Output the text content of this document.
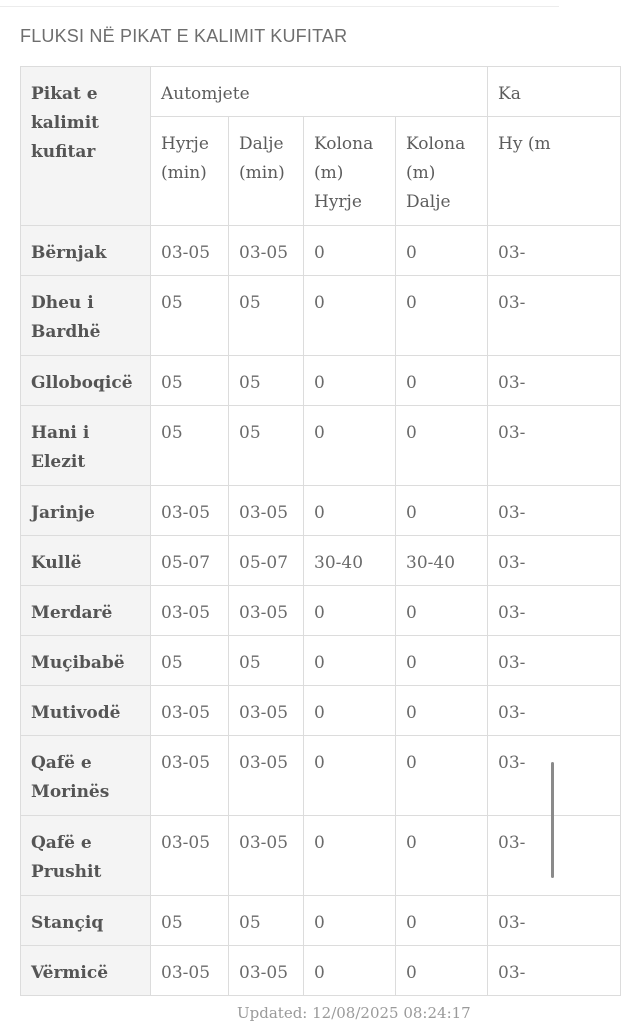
FLUKSI NË PIKAT E KALIMIT KUFITAR
Pikat e kalimit kufitar	Automjete				Ka
	Hyrje (min)	Dalje (min)	Kolona (m) Hyrje	Kolona (m) Dalje	Hy (m
Bërnjak	03-05	03-05	0	0	03-
Dheu i Bardhë	05	05	0	0	03-
Glloboqicë	05	05	0	0	03-
Hani i Elezit	05	05	0	0	03-
Jarinje	03-05	03-05	0	0	03-
Kullë	05-07	05-07	30-40	30-40	03-
Merdarë	03-05	03-05	0	0	03-
Muçibabë	05	05	0	0	03-
Mutivodë	03-05	03-05	0	0	03-
Qafë e Morinës	03-05	03-05	0	0	03-
Qafë e Prushit	03-05	03-05	0	0	03-
Stançiq	05	05	0	0	03-
Vërmicë	03-05	03-05	0	0	03-
Updated: 12/08/2025 08:24:17
